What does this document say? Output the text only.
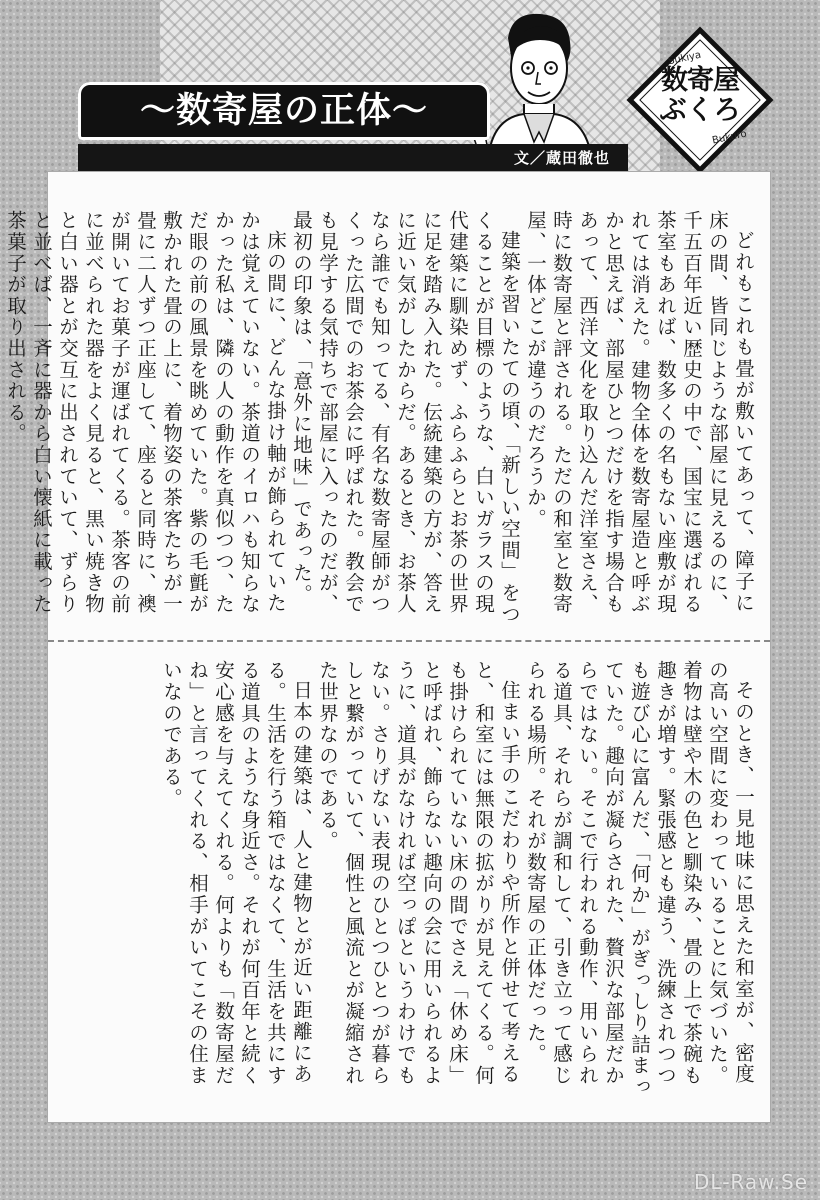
〜数寄屋の正体〜
文／蔵田徹也
Sukiya
数寄屋
ぶくろ
Bukuro

どれもこれも畳が敷いてあって、障子に床の間、皆同じような部屋に見えるのに、千五百年近い歴史の中で、国宝に選ばれる茶室もあれば、数多くの名もない座敷が現れては消えた。建物全体を数寄屋造と呼ぶかと思えば、部屋ひとつだけを指す場合もあって、西洋文化を取り込んだ洋室さえ、時に数寄屋と評される。ただの和室と数寄屋、一体どこが違うのだろうか。

建築を習いたての頃、「新しい空間」をつくることが目標のような、白いガラスの現代建築に馴染めず、ふらふらとお茶の世界に足を踏み入れた。伝統建築の方が、答えに近い気がしたからだ。あるとき、お茶人なら誰でも知ってる、有名な数寄屋師がつくった広間でのお茶会に呼ばれた。教会でも見学する気持ちで部屋に入ったのだが、最初の印象は、「意外に地味」であった。

床の間に、どんな掛け軸が飾られていたかは覚えていない。茶道のイロハも知らなかった私は、隣の人の動作を真似つつ、ただ眼の前の風景を眺めていた。紫の毛氈が敷かれた畳の上に、着物姿の茶客たちが一畳に二人ずつ正座して、座ると同時に、襖が開いてお菓子が運ばれてくる。茶客の前に並べられた器をよく見ると、黒い焼き物と白い器とが交互に出されていて、ずらりと並べば、一斉に器から白い懐紙に載った茶菓子が取り出される。

そのとき、一見地味に思えた和室が、密度の高い空間に変わっていることに気づいた。着物は壁や木の色と馴染み、畳の上で茶碗も趣きが増す。緊張感とも違う、洗練されつつも遊び心に富んだ、「何か」がぎっしり詰まっていた。趣向が凝らされた、贅沢な部屋だからではない。そこで行われる動作、用いられる道具、それらが調和して、引き立って感じられる場所。それが数寄屋の正体だった。

住まい手のこだわりや所作と併せて考えると、和室には無限の拡がりが見えてくる。何も掛けられていない床の間でさえ「休め床」と呼ばれ、飾らない趣向の会に用いられるように、道具がなければ空っぽというわけでもない。さりげない表現のひとつひとつが暮らしと繋がっていて、個性と風流とが凝縮された世界なのである。

日本の建築は、人と建物とが近い距離にある。生活を行う箱ではなくて、生活を共にする道具のような身近さ。それが何百年と続く安心感を与えてくれる。何よりも「数寄屋だね」と言ってくれる、相手がいてこその住まいなのである。

DL-Raw.Se
